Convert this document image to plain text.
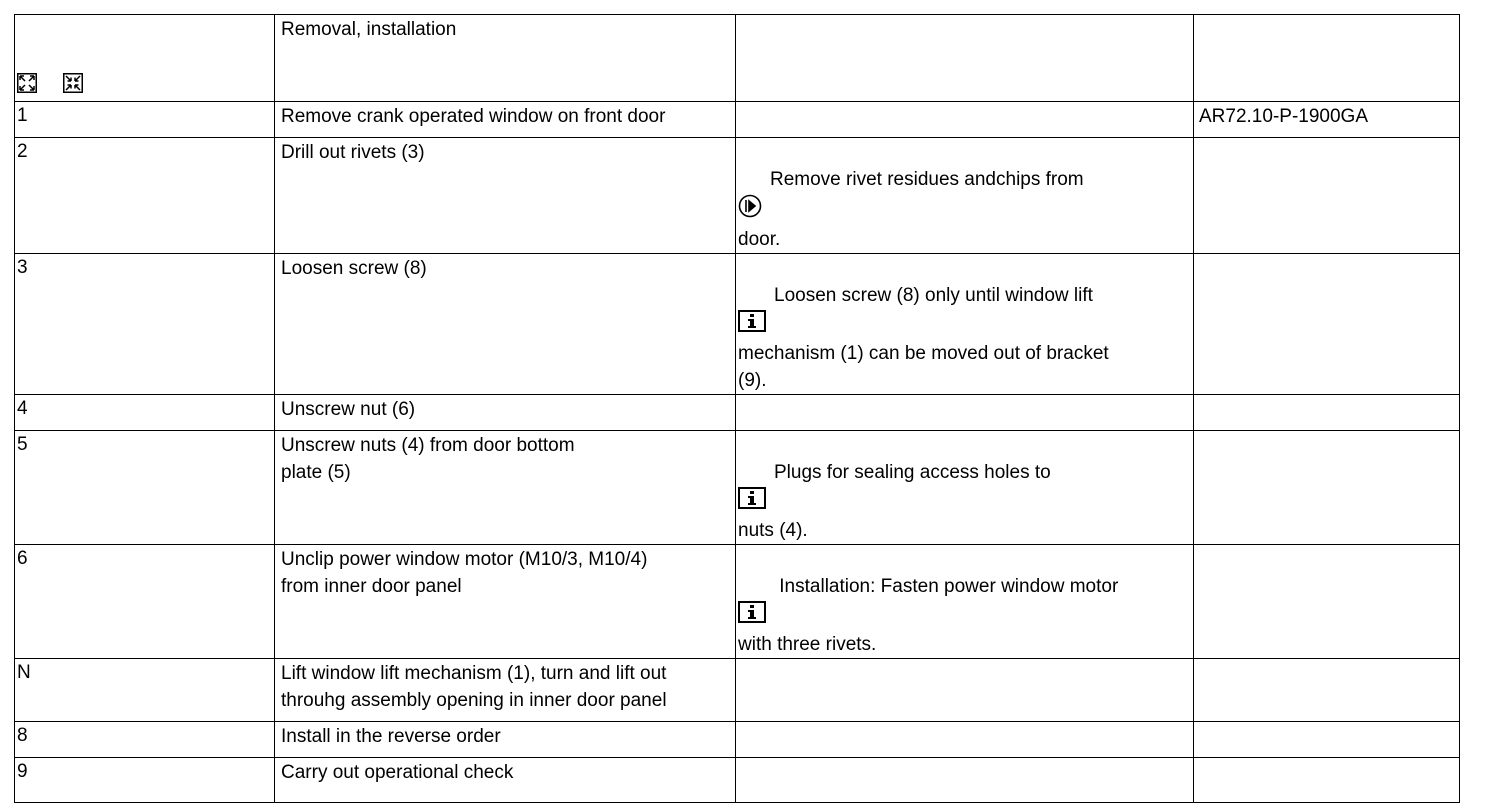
	Removal, installation		
1	Remove crank operated window on front door		AR72.10-P-1900GA
2	Drill out rivets (3)	Remove rivet residues andchips from
door.

3	Loosen screw (8)	Loosen screw (8) only until window lift
mechanism (1) can be moved out of bracket
(9).

4	Unscrew nut (6)		
5	Unscrew nuts (4) from door bottom
plate (5)	Plugs for sealing access holes to
nuts (4).

6	Unclip power window motor (M10/3, M10/4)
from inner door panel	Installation: Fasten power window motor
with three rivets.

N	Lift window lift mechanism (1), turn and lift out
throuhg assembly opening in inner door panel		
8	Install in the reverse order		
9	Carry out operational check		
